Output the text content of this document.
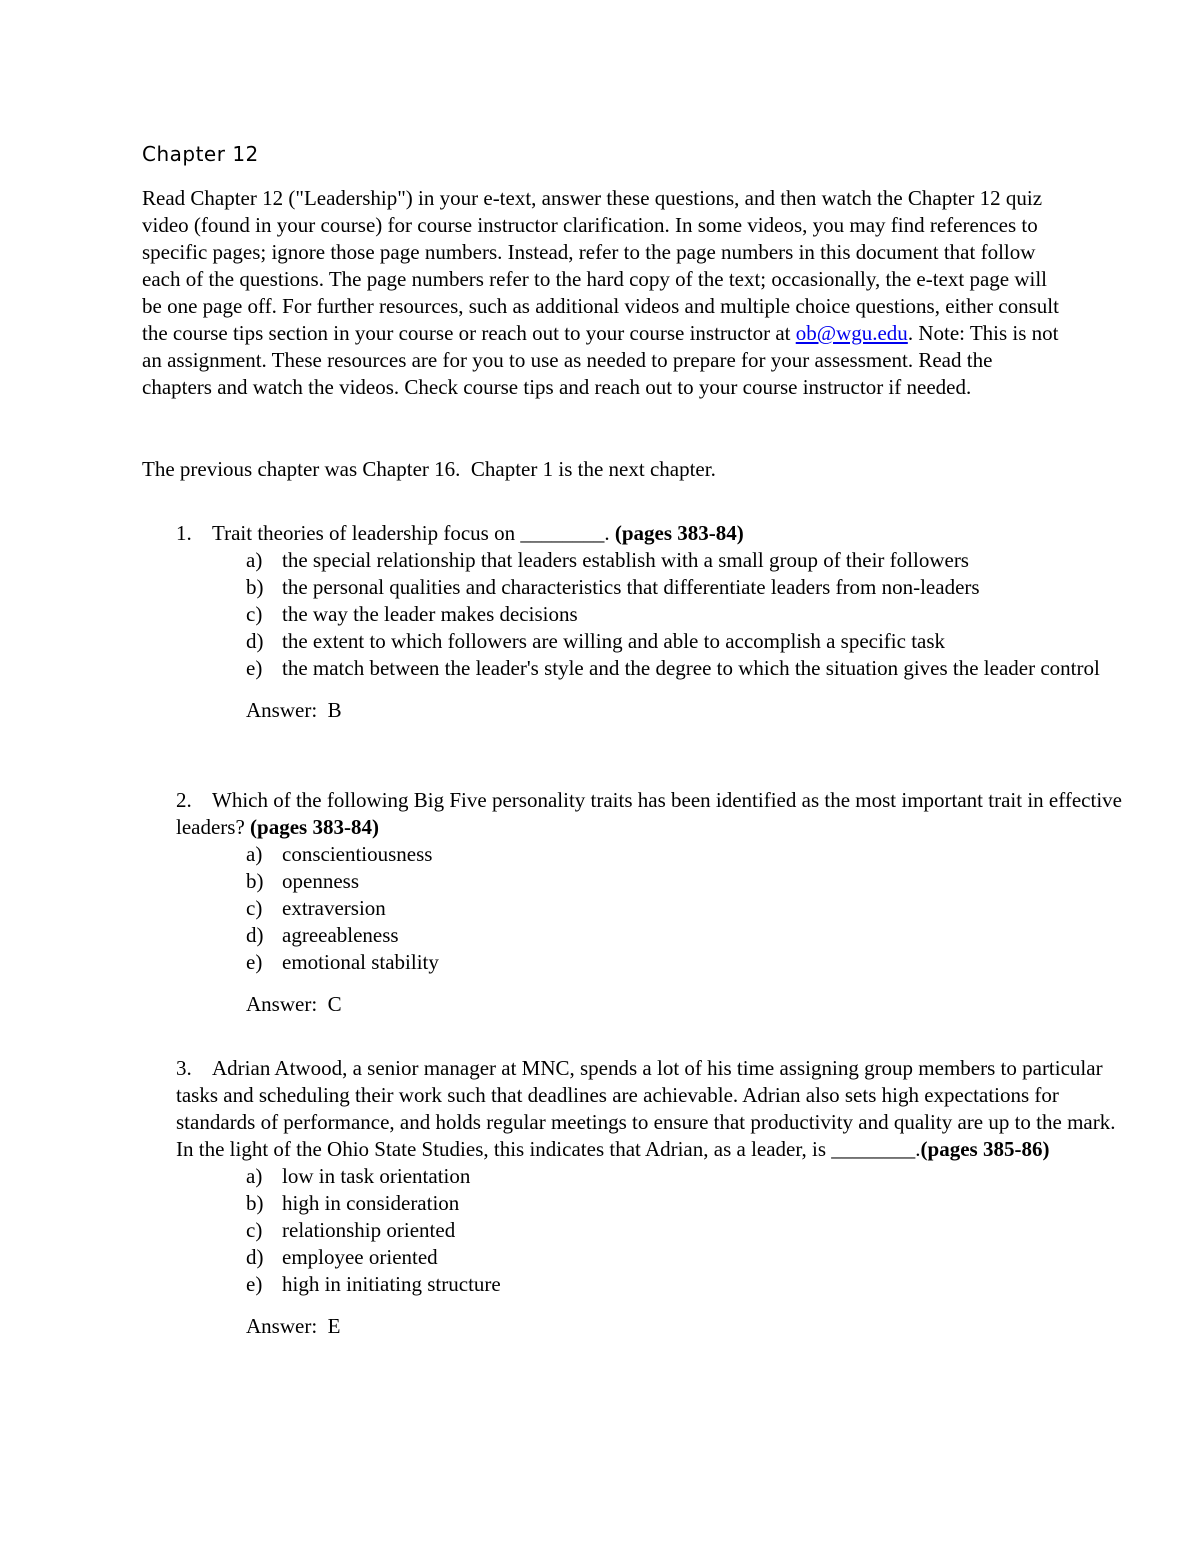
Chapter 12

Read Chapter 12 ("Leadership") in your e-text, answer these questions, and then watch the Chapter 12 quiz video (found in your course) for course instructor clarification. In some videos, you may find references to specific pages; ignore those page numbers. Instead, refer to the page numbers in this document that follow each of the questions. The page numbers refer to the hard copy of the text; occasionally, the e-text page will be one page off. For further resources, such as additional videos and multiple choice questions, either consult the course tips section in your course or reach out to your course instructor at ob@wgu.edu. Note: This is not an assignment. These resources are for you to use as needed to prepare for your assessment. Read the chapters and watch the videos. Check course tips and reach out to your course instructor if needed.

The previous chapter was Chapter 16.  Chapter 1 is the next chapter.

1. Trait theories of leadership focus on ________. (pages 383-84)

a) the special relationship that leaders establish with a small group of their followers
b) the personal qualities and characteristics that differentiate leaders from non-leaders
c) the way the leader makes decisions
d) the extent to which followers are willing and able to accomplish a specific task
e) the match between the leader's style and the degree to which the situation gives the leader control

Answer:  B

2. Which of the following Big Five personality traits has been identified as the most important trait in effective leaders? (pages 383-84)

a) conscientiousness
b) openness
c) extraversion
d) agreeableness
e) emotional stability

Answer:  C

3. Adrian Atwood, a senior manager at MNC, spends a lot of his time assigning group members to particular tasks and scheduling their work such that deadlines are achievable. Adrian also sets high expectations for standards of performance, and holds regular meetings to ensure that productivity and quality are up to the mark. In the light of the Ohio State Studies, this indicates that Adrian, as a leader, is ________.(pages 385-86)

a) low in task orientation
b) high in consideration
c) relationship oriented
d) employee oriented
e) high in initiating structure

Answer:  E
